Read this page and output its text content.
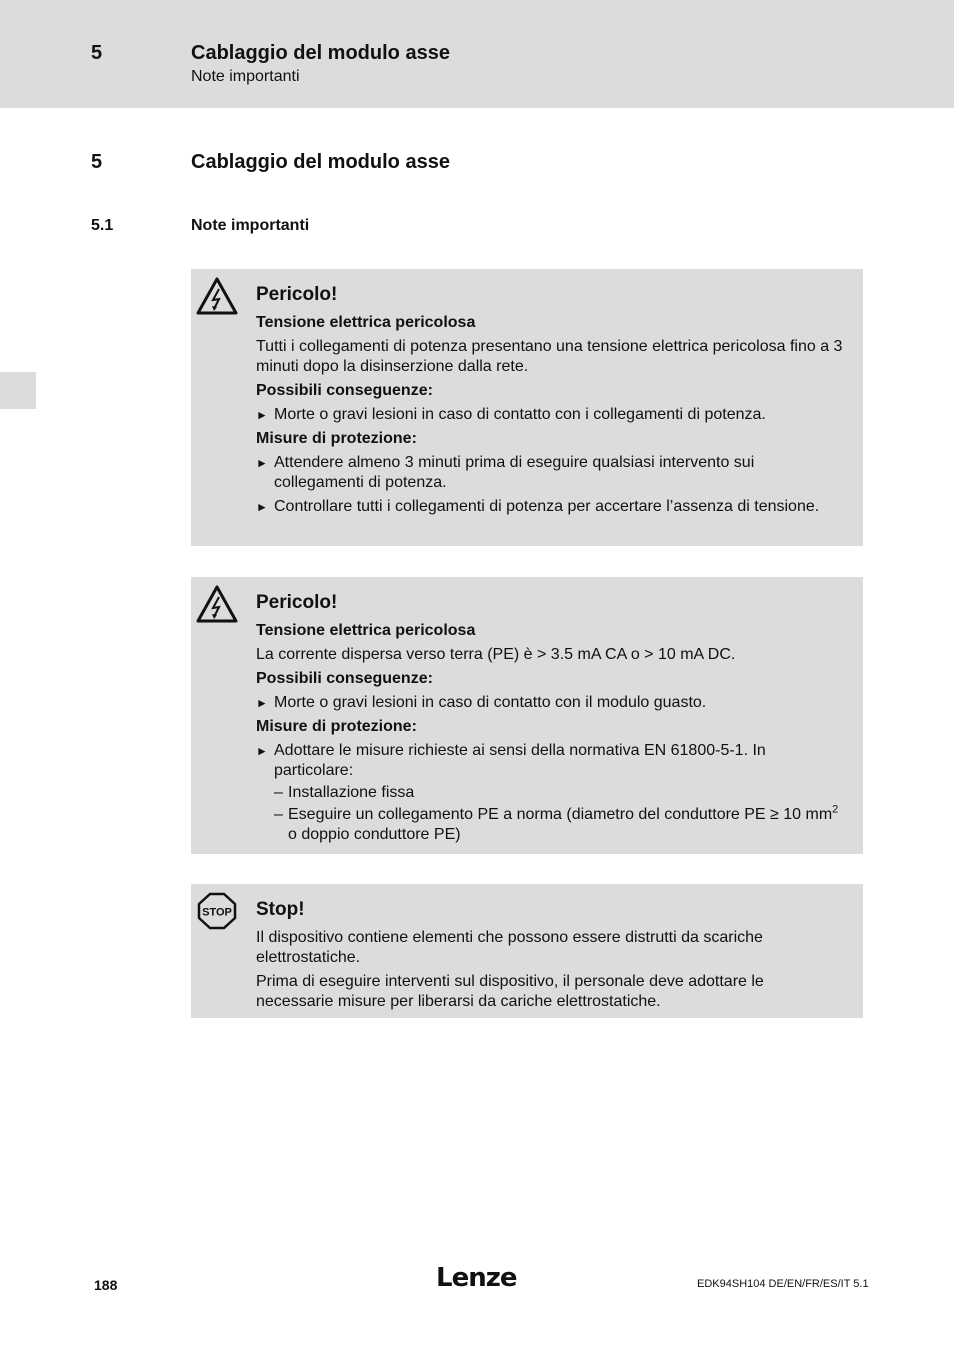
5	Cablaggio del modulo asse
Note importanti
5	Cablaggio del modulo asse
5.1	Note importanti
Pericolo!
Tensione elettrica pericolosa
Tutti i collegamenti di potenza presentano una tensione elettrica pericolosa fino a 3 minuti dopo la disinserzione dalla rete.
Possibili conseguenze:
► Morte o gravi lesioni in caso di contatto con i collegamenti di potenza.
Misure di protezione:
► Attendere almeno 3 minuti prima di eseguire qualsiasi intervento sui collegamenti di potenza.
► Controllare tutti i collegamenti di potenza per accertare l’assenza di tensione.
Pericolo!
Tensione elettrica pericolosa
La corrente dispersa verso terra (PE) è > 3.5 mA CA o > 10 mA DC.
Possibili conseguenze:
► Morte o gravi lesioni in caso di contatto con il modulo guasto.
Misure di protezione:
► Adottare le misure richieste ai sensi della normativa EN 61800-5-1. In particolare:
– Installazione fissa
– Eseguire un collegamento PE a norma (diametro del conduttore PE ≥ 10 $mm^2$ o doppio conduttore PE)
STOP Stop!
Il dispositivo contiene elementi che possono essere distrutti da scariche elettrostatiche.
Prima di eseguire interventi sul dispositivo, il personale deve adottare le necessarie misure per liberarsi da cariche elettrostatiche.
188	Lenze	EDK94SH104 DE/EN/FR/ES/IT 5.1
